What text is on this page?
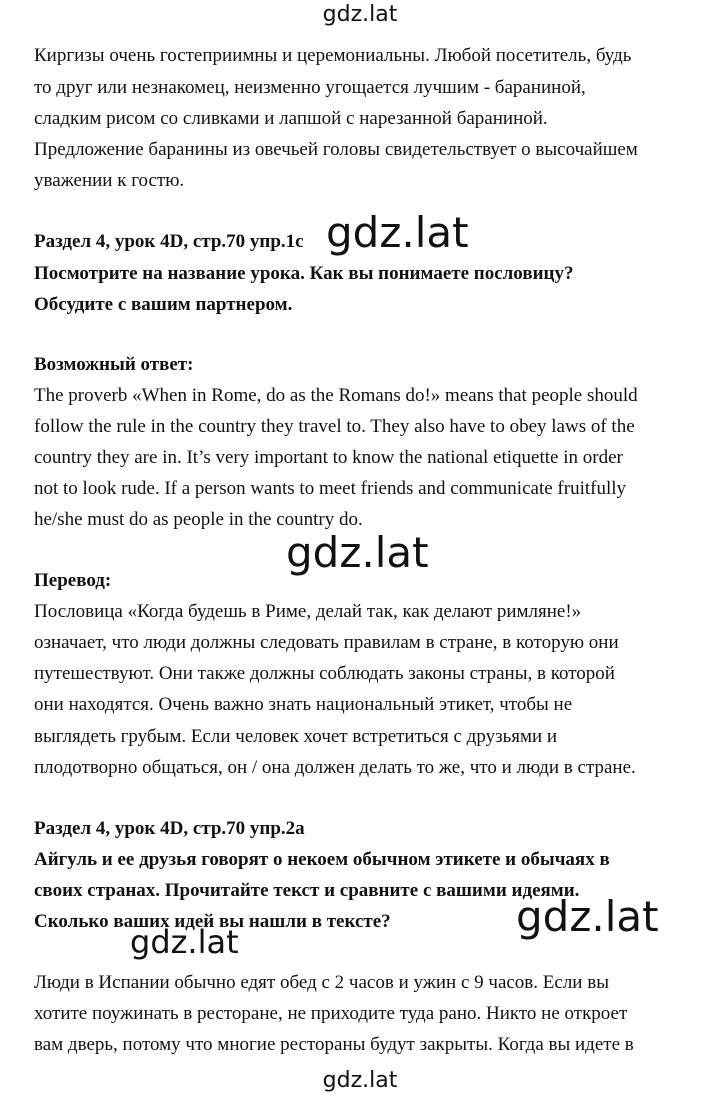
gdz.lat
Киргизы очень гостеприимны и церемониальны. Любой посетитель, будь
то друг или незнакомец, неизменно угощается лучшим - бараниной,
сладким рисом со сливками и лапшой с нарезанной бараниной.
Предложение баранины из овечьей головы свидетельствует о высочайшем
уважении к гостю.
Раздел 4, урок 4D, стр.70 упр.1c
Посмотрите на название урока. Как вы понимаете пословицу?
Обсудите с вашим партнером.
Возможный ответ:
The proverb «When in Rome, do as the Romans do!» means that people should
follow the rule in the country they travel to. They also have to obey laws of the
country they are in. It’s very important to know the national etiquette in order
not to look rude. If a person wants to meet friends and communicate fruitfully
he/she must do as people in the country do.
Перевод:
Пословица «Когда будешь в Риме, делай так, как делают римляне!»
означает, что люди должны следовать правилам в стране, в которую они
путешествуют. Они также должны соблюдать законы страны, в которой
они находятся. Очень важно знать национальный этикет, чтобы не
выглядеть грубым. Если человек хочет встретиться с друзьями и
плодотворно общаться, он / она должен делать то же, что и люди в стране.
Раздел 4, урок 4D, стр.70 упр.2a
Айгуль и ее друзья говорят о некоем обычном этикете и обычаях в
своих странах. Прочитайте текст и сравните с вашими идеями.
Сколько ваших идей вы нашли в тексте?
Люди в Испании обычно едят обед с 2 часов и ужин с 9 часов. Если вы
хотите поужинать в ресторане, не приходите туда рано. Никто не откроет
вам дверь, потому что многие рестораны будут закрыты. Когда вы идете в
gdz.lat
gdz.lat
gdz.lat
gdz.lat
gdz.lat
